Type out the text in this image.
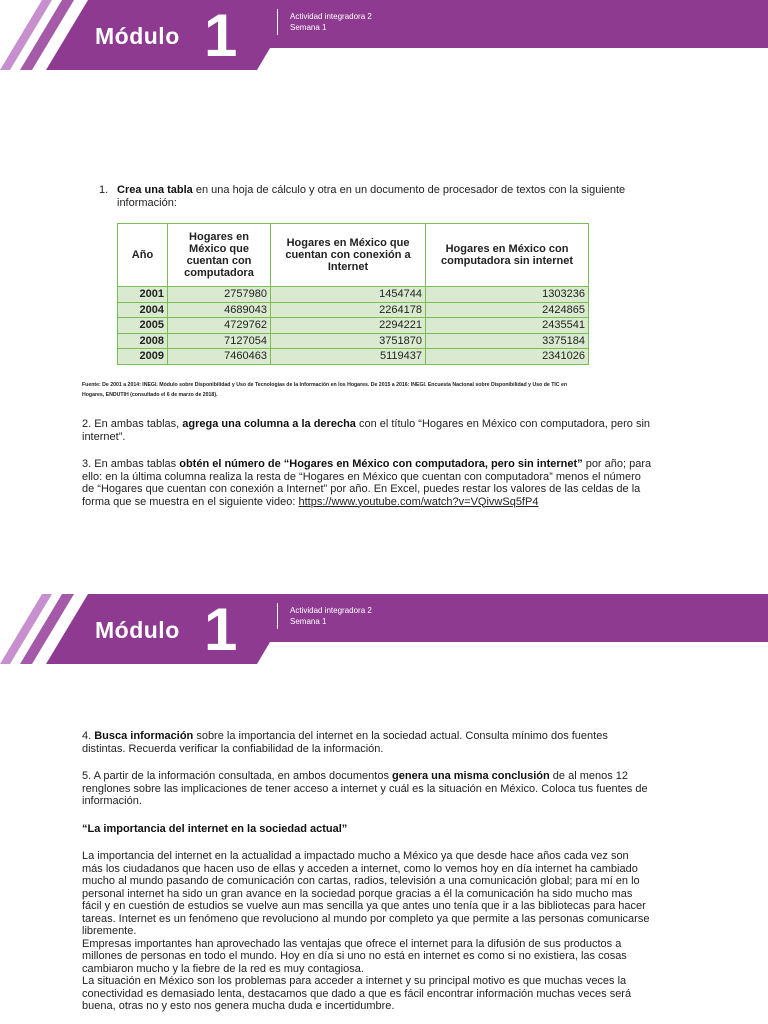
Módulo 1	Actividad integradora 2
Semana 1
1. Crea una tabla en una hoja de cálculo y otra en un documento de procesador de textos con la siguiente
información:
Año	Hogares en México que cuentan con computadora	Hogares en México que cuentan con conexión a Internet	Hogares en México con computadora sin internet
2001	2757980	1454744	1303236
2004	4689043	2264178	2424865
2005	4729762	2294221	2435541
2008	7127054	3751870	3375184
2009	7460463	5119437	2341026
Fuente: De 2001 a 2014: INEGI. Módulo sobre Disponibilidad y Uso de Tecnologías de la Información en los Hogares. De 2015 a 2016: INEGI. Encuesta Nacional sobre Disponibilidad y Uso de TIC en
Hogares, ENDUTIH (consultado el 6 de marzo de 2018).
2. En ambas tablas, agrega una columna a la derecha con el título “Hogares en México con computadora, pero sin
internet”.
3. En ambas tablas obtén el número de “Hogares en México con computadora, pero sin internet” por año; para
ello: en la última columna realiza la resta de “Hogares en México que cuentan con computadora” menos el número
de “Hogares que cuentan con conexión a Internet” por año. En Excel, puedes restar los valores de las celdas de la
forma que se muestra en el siguiente video: https://www.youtube.com/watch?v=VQivwSq5fP4
Módulo 1	Actividad integradora 2
Semana 1
4. Busca información sobre la importancia del internet en la sociedad actual. Consulta mínimo dos fuentes
distintas. Recuerda verificar la confiabilidad de la información.
5. A partir de la información consultada, en ambos documentos genera una misma conclusión de al menos 12
renglones sobre las implicaciones de tener acceso a internet y cuál es la situación en México. Coloca tus fuentes de
información.
“La importancia del internet en la sociedad actual”
La importancia del internet en la actualidad a impactado mucho a México ya que desde hace años cada vez son
más los ciudadanos que hacen uso de ellas y acceden a internet, como lo vemos hoy en día internet ha cambiado
mucho al mundo pasando de comunicación con cartas, radios, televisión a una comunicación global; para mí en lo
personal internet ha sido un gran avance en la sociedad porque gracias a él la comunicación ha sido mucho mas
fácil y en cuestión de estudios se vuelve aun mas sencilla ya que antes uno tenía que ir a las bibliotecas para hacer
tareas. Internet es un fenómeno que revoluciono al mundo por completo ya que permite a las personas comunicarse
libremente.
Empresas importantes han aprovechado las ventajas que ofrece el internet para la difusión de sus productos a
millones de personas en todo el mundo. Hoy en día si uno no está en internet es como si no existiera, las cosas
cambiaron mucho y la fiebre de la red es muy contagiosa.
La situación en México son los problemas para acceder a internet y su principal motivo es que muchas veces la
conectividad es demasiado lenta, destacamos que dado a que es fácil encontrar información muchas veces será
buena, otras no y esto nos genera mucha duda e incertidumbre.
